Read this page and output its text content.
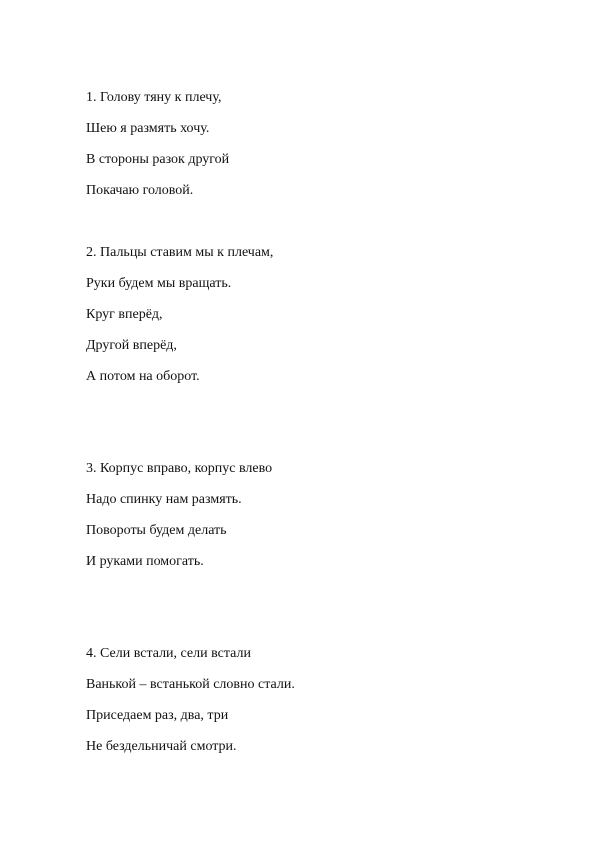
1. Голову тяну к плечу,
Шею я размять хочу.
В стороны разок другой
Покачаю головой.
2. Пальцы ставим мы к плечам,
Руки будем мы вращать.
Круг вперёд,
Другой вперёд,
А потом на оборот.
3. Корпус вправо, корпус влево
Надо спинку нам размять.
Повороты будем делать
И руками помогать.
4. Сели встали, сели встали
Ванькой – встанькой словно стали.
Приседаем раз, два, три
Не бездельничай смотри.
